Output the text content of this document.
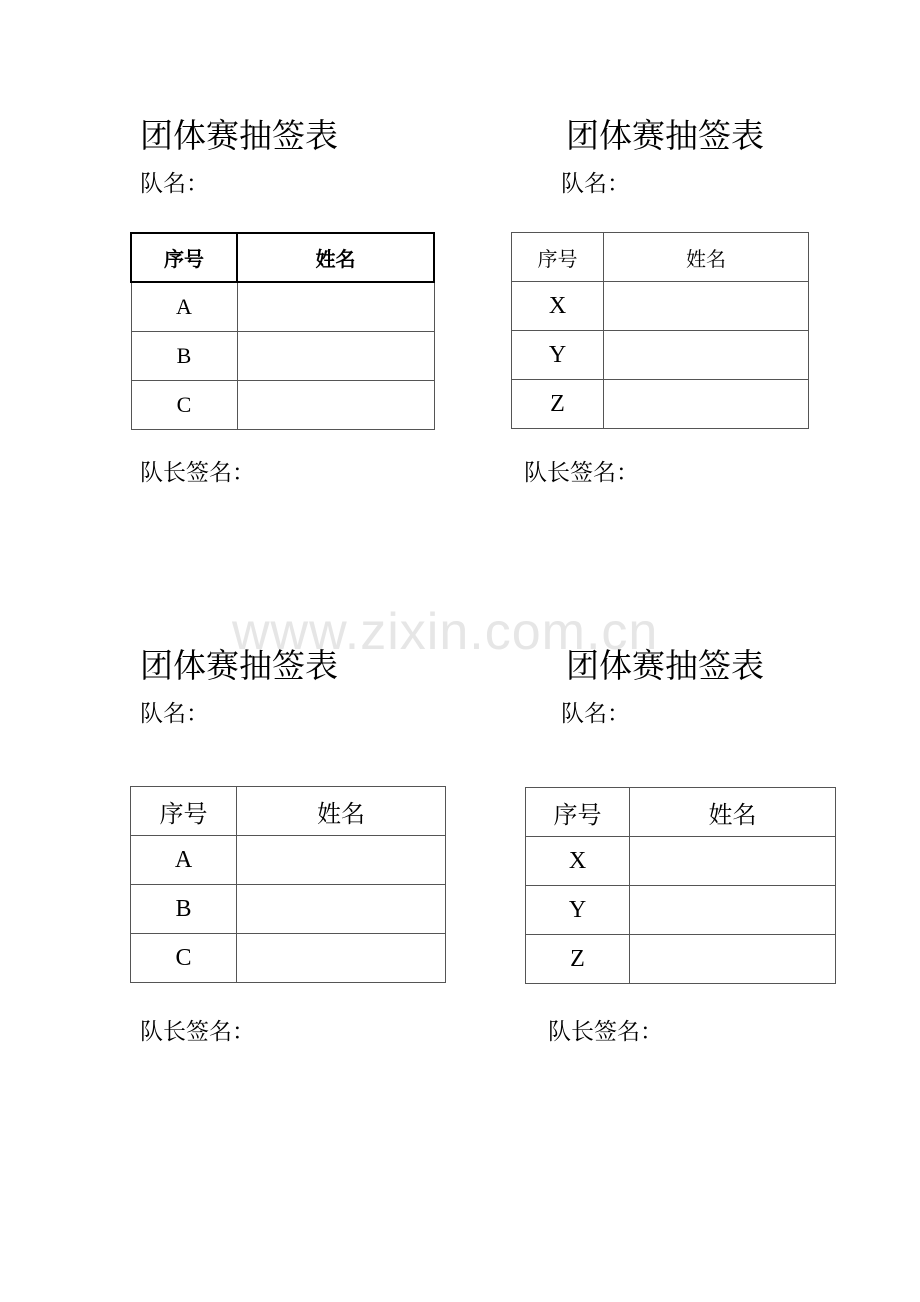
www.zixin.com.cn
团体赛抽签表
队名：
序号	姓名
A	
B	
C	
队长签名：
团体赛抽签表
队名：
序号	姓名
X	
Y	
Z	
队长签名：
团体赛抽签表
队名：
序号	姓名
A	
B	
C	
队长签名：
团体赛抽签表
队名：
序号	姓名
X	
Y	
Z	
队长签名：
